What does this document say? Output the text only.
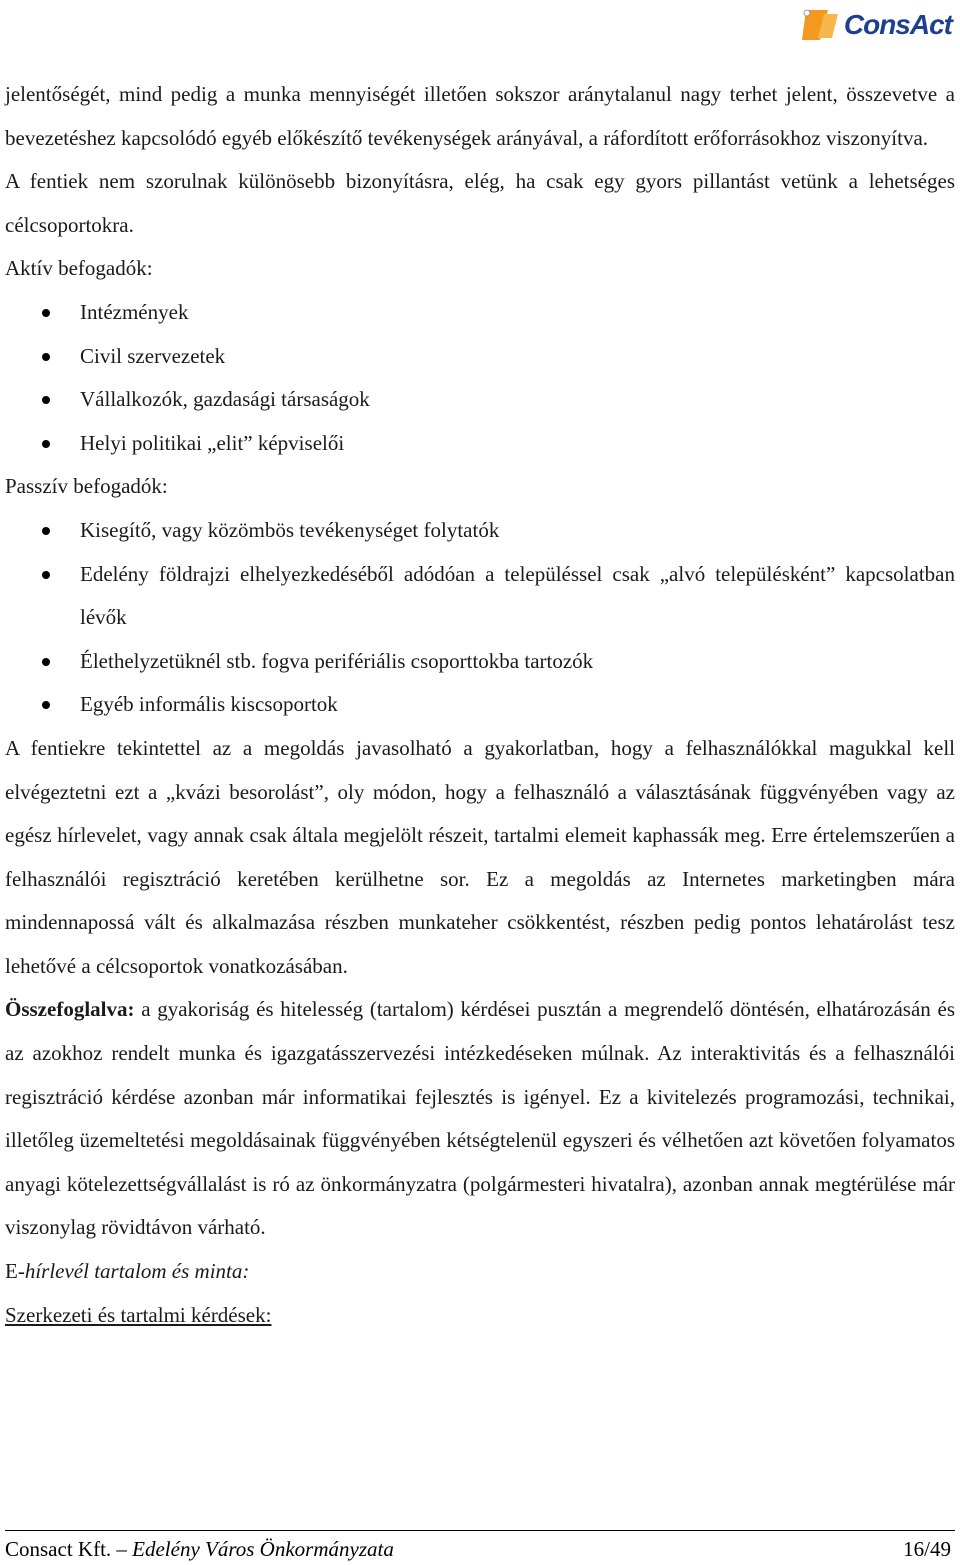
ConsAct

jelentőségét, mind pedig a munka mennyiségét illetően sokszor aránytalanul nagy terhet jelent, összevetve a bevezetéshez kapcsolódó egyéb előkészítő tevékenységek arányával, a ráfordított erőforrásokhoz viszonyítva.

A fentiek nem szorulnak különösebb bizonyításra, elég, ha csak egy gyors pillantást vetünk a lehetséges célcsoportokra.

Aktív befogadók:

Intézmények
Civil szervezetek
Vállalkozók, gazdasági társaságok
Helyi politikai „elit” képviselői

Passzív befogadók:

Kisegítő, vagy közömbös tevékenységet folytatók
Edelény földrajzi elhelyezkedéséből adódóan a településsel csak „alvó településként” kapcsolatban lévők
Élethelyzetüknél stb. fogva perifériális csoporttokba tartozók
Egyéb informális kiscsoportok

A fentiekre tekintettel az a megoldás javasolható a gyakorlatban, hogy a felhasználókkal magukkal kell elvégeztetni ezt a „kvázi besorolást”, oly módon, hogy a felhasználó a választásának függvényében vagy az egész hírlevelet, vagy annak csak általa megjelölt részeit, tartalmi elemeit kaphassák meg. Erre értelemszerűen a felhasználói regisztráció keretében kerülhetne sor. Ez a megoldás az Internetes marketingben mára mindennapossá vált és alkalmazása részben munkateher csökkentést, részben pedig pontos lehatárolást tesz lehetővé a célcsoportok vonatkozásában.

Összefoglalva: a gyakoriság és hitelesség (tartalom) kérdései pusztán a megrendelő döntésén, elhatározásán és az azokhoz rendelt munka és igazgatásszervezési intézkedéseken múlnak. Az interaktivitás és a felhasználói regisztráció kérdése azonban már informatikai fejlesztés is igényel. Ez a kivitelezés programozási, technikai, illetőleg üzemeltetési megoldásainak függvényében kétségtelenül egyszeri és vélhetően azt követően folyamatos anyagi kötelezettségvállalást is ró az önkormányzatra (polgármesteri hivatalra), azonban annak megtérülése már viszonylag rövidtávon várható.

E-hírlevél tartalom és minta:

Szerkezeti és tartalmi kérdések:

Consact Kft. – Edelény Város Önkormányzata	16/49
